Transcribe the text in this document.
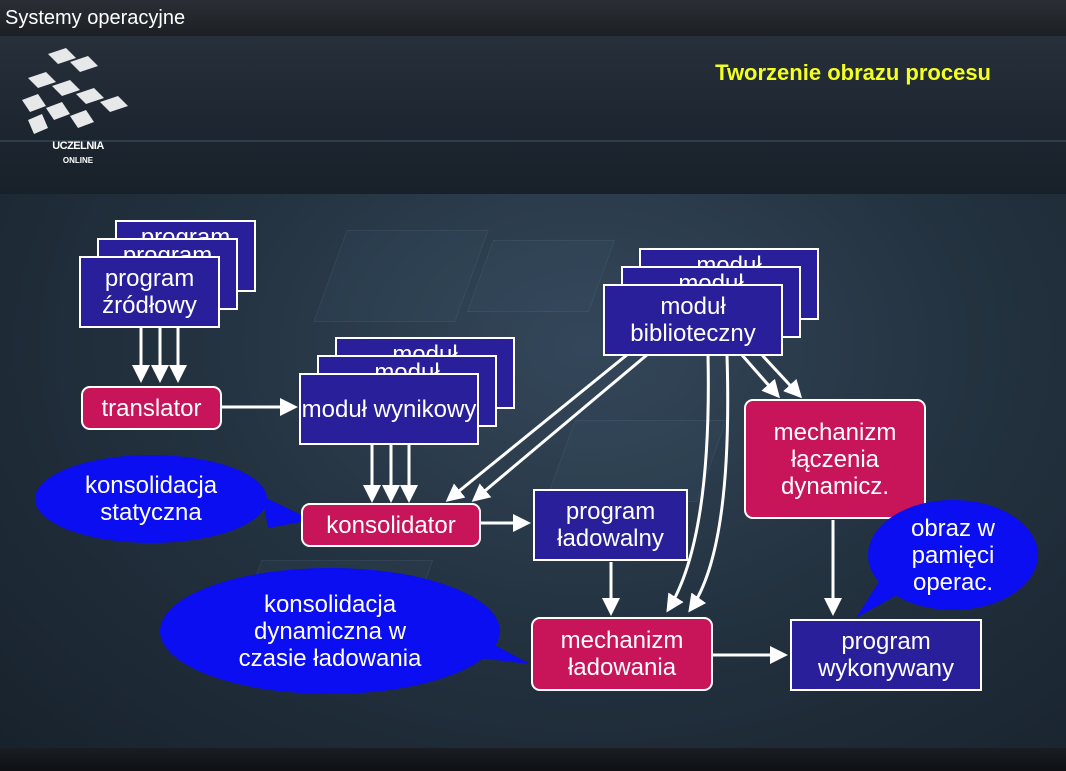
Systemy operacyjne
UCZELNIA
ONLINE
Tworzenie obrazu procesu
program źródłowy
translator	moduł wynikowy
moduł biblioteczny
konsolidator	program ładowalny
mechanizm łączenia dynamicz.
mechanizm ładowania
program wykonywany
konsolidacja statyczna
konsolidacja dynamiczna w czasie ładowania
obraz w pamięci operac.
